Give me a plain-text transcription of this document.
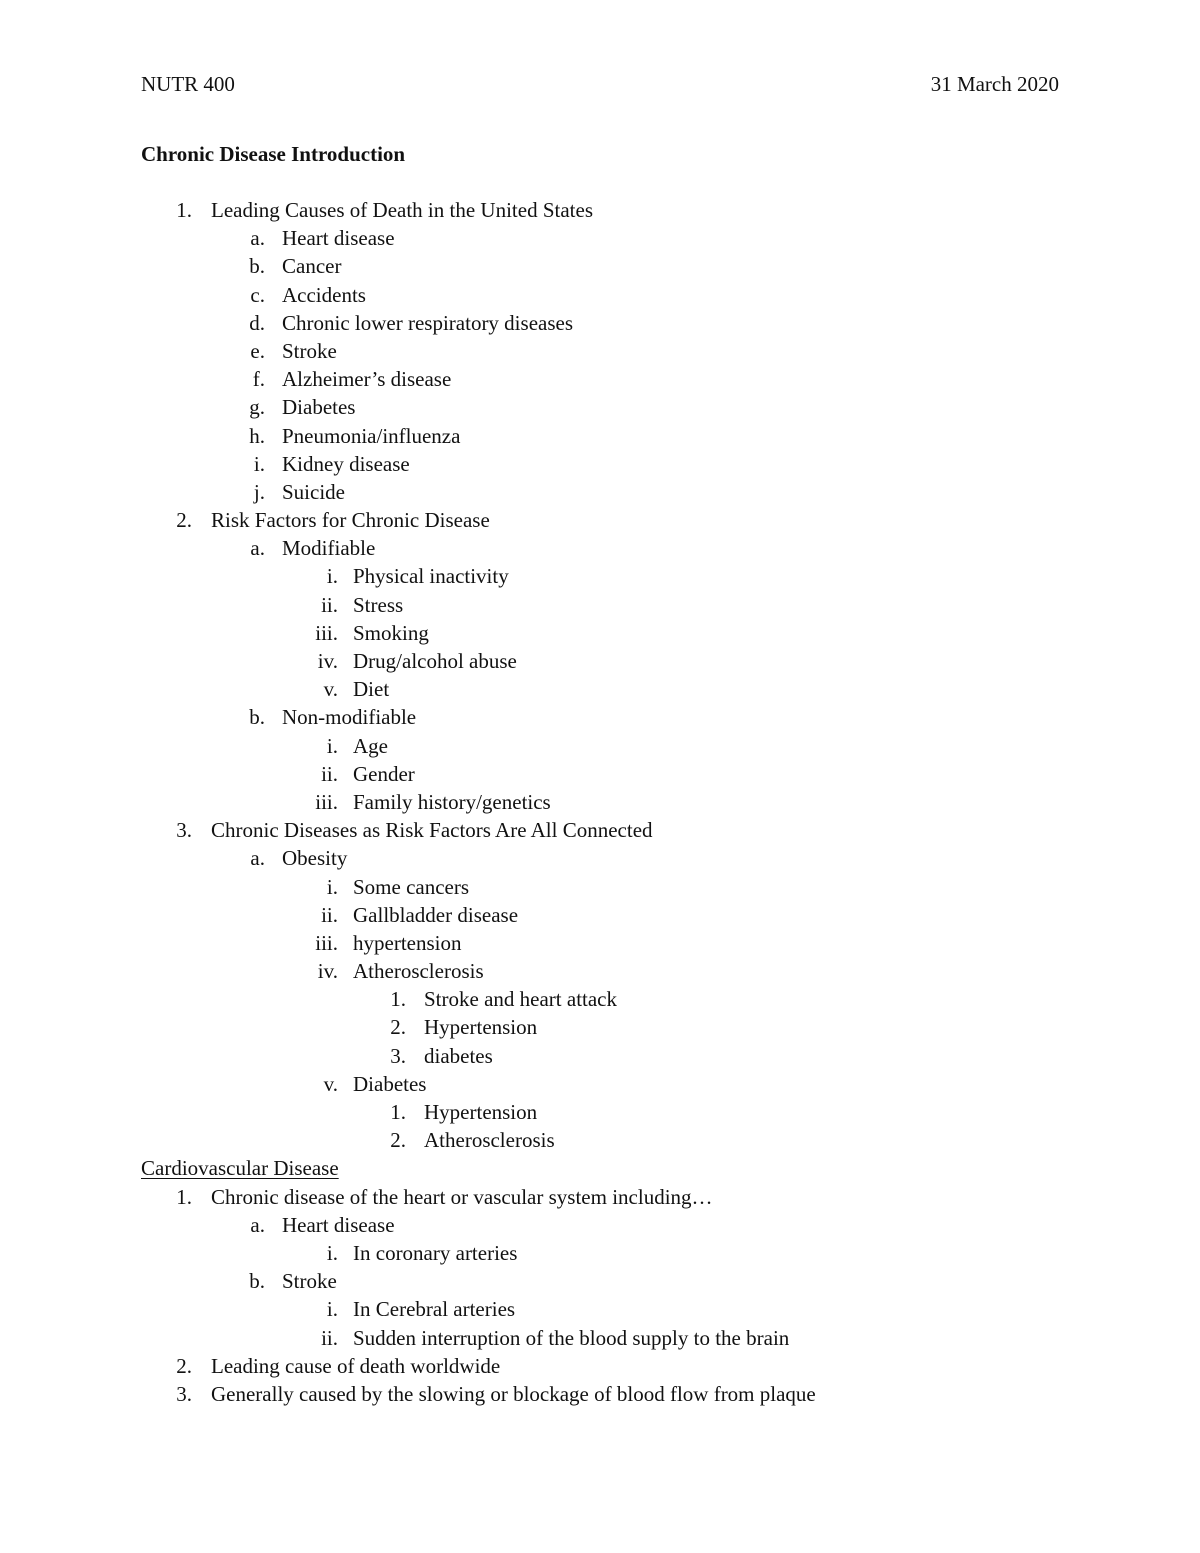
NUTR 400	31 March 2020
Chronic Disease Introduction
1. Leading Causes of Death in the United States
a. Heart disease
b. Cancer
c. Accidents
d. Chronic lower respiratory diseases
e. Stroke
f. Alzheimer’s disease
g. Diabetes
h. Pneumonia/influenza
i. Kidney disease
j. Suicide
2. Risk Factors for Chronic Disease
a. Modifiable
i. Physical inactivity
ii. Stress
iii. Smoking
iv. Drug/alcohol abuse
v. Diet
b. Non-modifiable
i. Age
ii. Gender
iii. Family history/genetics
3. Chronic Diseases as Risk Factors Are All Connected
a. Obesity
i. Some cancers
ii. Gallbladder disease
iii. hypertension
iv. Atherosclerosis
1. Stroke and heart attack
2. Hypertension
3. diabetes
v. Diabetes
1. Hypertension
2. Atherosclerosis
Cardiovascular Disease
1. Chronic disease of the heart or vascular system including…
a. Heart disease
i. In coronary arteries
b. Stroke
i. In Cerebral arteries
ii. Sudden interruption of the blood supply to the brain
2. Leading cause of death worldwide
3. Generally caused by the slowing or blockage of blood flow from plaque
